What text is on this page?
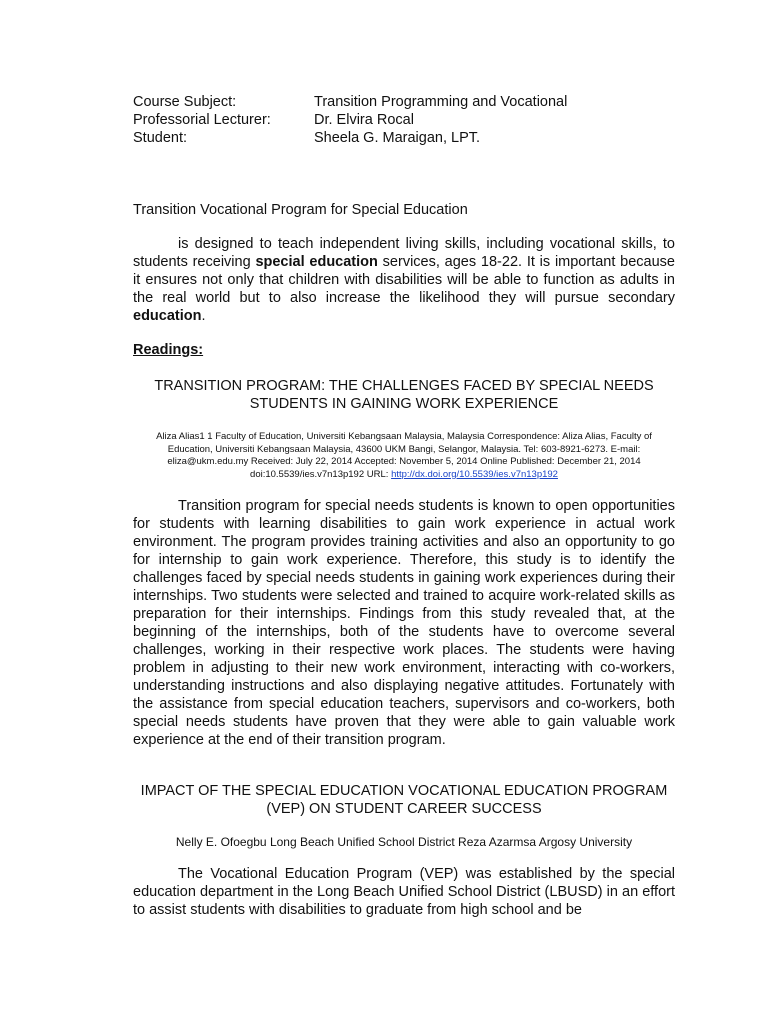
Course Subject:	Transition Programming and Vocational
Professorial Lecturer:	Dr. Elvira Rocal
Student:	Sheela G. Maraigan, LPT.
Transition Vocational Program for Special Education

is designed to teach independent living skills, including vocational skills, to students receiving special education services, ages 18-22. It is important because it ensures not only that children with disabilities will be able to function as adults in the real world but to also increase the likelihood they will pursue secondary education.

Readings:
TRANSITION PROGRAM: THE CHALLENGES FACED BY SPECIAL NEEDS STUDENTS IN GAINING WORK EXPERIENCE
Aliza Alias1 1 Faculty of Education, Universiti Kebangsaan Malaysia, Malaysia Correspondence: Aliza Alias, Faculty of Education, Universiti Kebangsaan Malaysia, 43600 UKM Bangi, Selangor, Malaysia. Tel: 603-8921-6273. E-mail: eliza@ukm.edu.my Received: July 22, 2014 Accepted: November 5, 2014 Online Published: December 21, 2014 doi:10.5539/ies.v7n13p192 URL: http://dx.doi.org/10.5539/ies.v7n13p192

Transition program for special needs students is known to open opportunities for students with learning disabilities to gain work experience in actual work environment. The program provides training activities and also an opportunity to go for internship to gain work experience. Therefore, this study is to identify the challenges faced by special needs students in gaining work experiences during their internships. Two students were selected and trained to acquire work-related skills as preparation for their internships. Findings from this study revealed that, at the beginning of the internships, both of the students have to overcome several challenges, working in their respective work places. The students were having problem in adjusting to their new work environment, interacting with co-workers, understanding instructions and also displaying negative attitudes. Fortunately with the assistance from special education teachers, supervisors and co-workers, both special needs students have proven that they were able to gain valuable work experience at the end of their transition program.

IMPACT OF THE SPECIAL EDUCATION VOCATIONAL EDUCATION PROGRAM (VEP) ON STUDENT CAREER SUCCESS
Nelly E. Ofoegbu Long Beach Unified School District Reza Azarmsa Argosy University

The Vocational Education Program (VEP) was established by the special education department in the Long Beach Unified School District (LBUSD) in an effort to assist students with disabilities to graduate from high school and be
